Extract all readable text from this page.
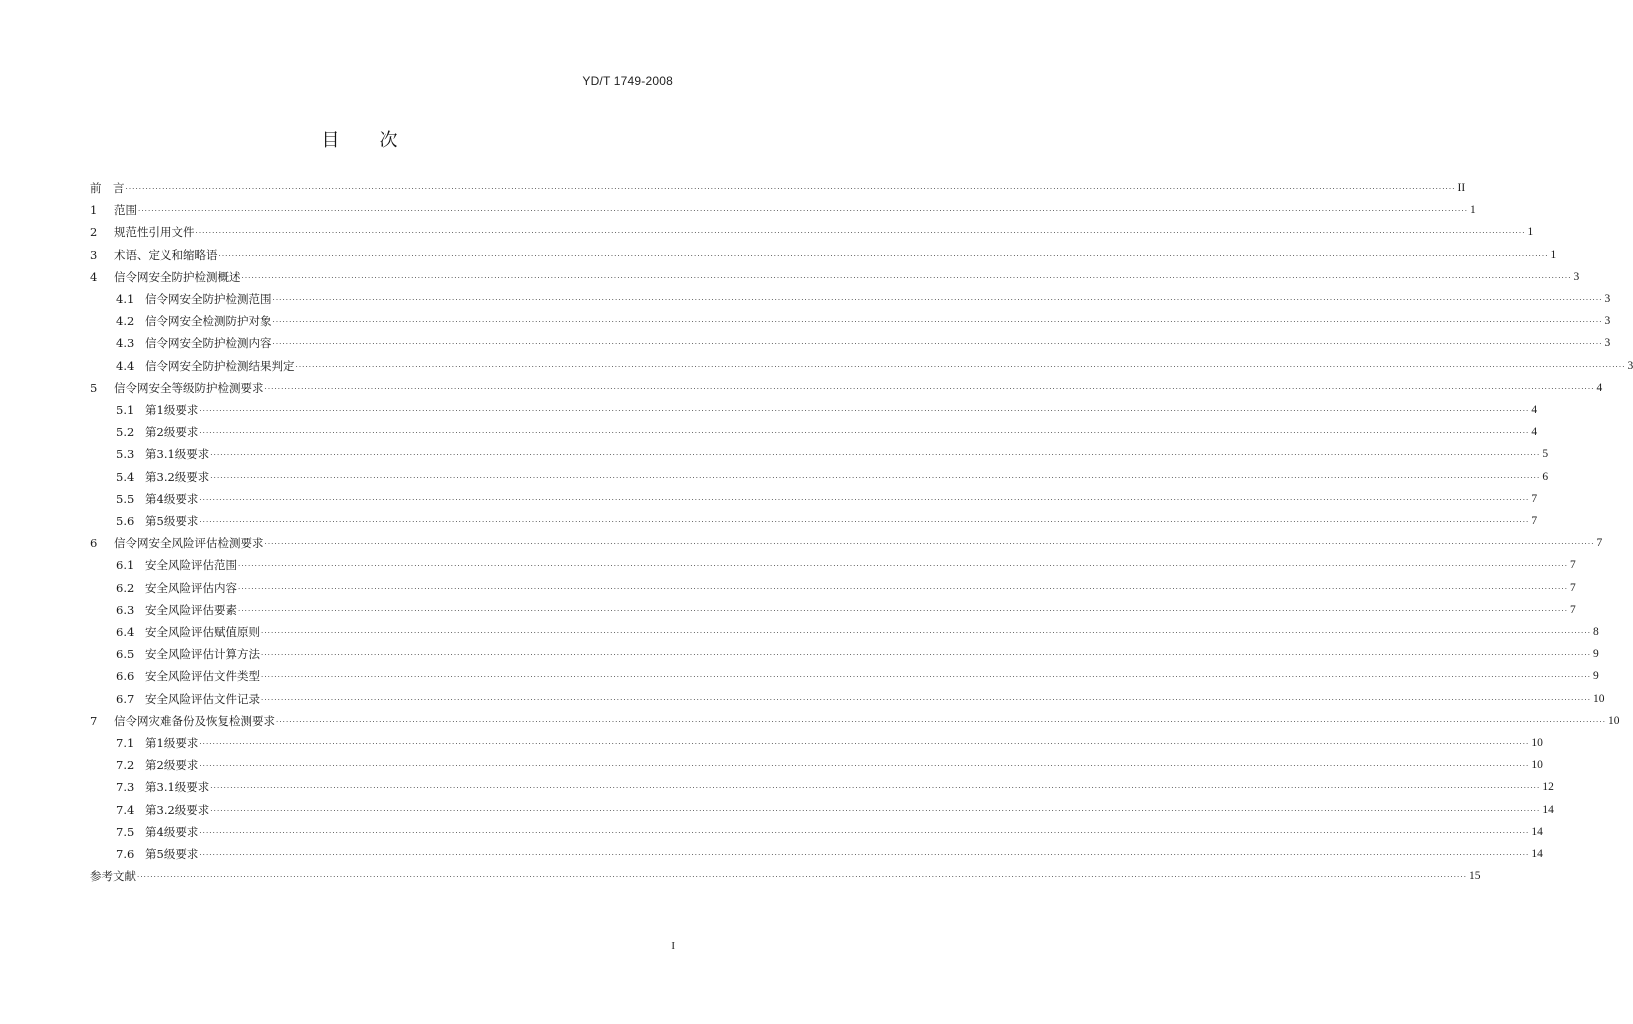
YD/T 1749-2008
目次
前　言 ················································································································································································································································································································································································································ II
1	范围 ················································································································································································································································································································································································································ 1
2	规范性引用文件 ················································································································································································································································································································································································································ 1
3	术语、定义和缩略语 ················································································································································································································································································································································································································ 1
4	信令网安全防护检测概述 ················································································································································································································································································································································································································ 3
4.1 信令网安全防护检测范围 ················································································································································································································································································································································································································ 3
4.2 信令网安全检测防护对象 ················································································································································································································································································································································································································ 3
4.3 信令网安全防护检测内容 ················································································································································································································································································································································································································ 3
4.4 信令网安全防护检测结果判定 ················································································································································································································································································································································································································ 3
5	信令网安全等级防护检测要求 ················································································································································································································································································································································································································ 4
5.1 第1级要求 ················································································································································································································································································································································································································ 4
5.2 第2级要求 ················································································································································································································································································································································································································ 4
5.3 第3.1级要求 ················································································································································································································································································································································································································ 5
5.4 第3.2级要求 ················································································································································································································································································································································································································ 6
5.5 第4级要求 ················································································································································································································································································································································································································ 7
5.6 第5级要求 ················································································································································································································································································································································································································ 7
6	信令网安全风险评估检测要求 ················································································································································································································································································································································································································ 7
6.1 安全风险评估范围 ················································································································································································································································································································································································································ 7
6.2 安全风险评估内容 ················································································································································································································································································································································································································ 7
6.3 安全风险评估要素 ················································································································································································································································································································································································································ 7
6.4 安全风险评估赋值原则 ················································································································································································································································································································································································································ 8
6.5 安全风险评估计算方法 ················································································································································································································································································································································································································ 9
6.6 安全风险评估文件类型 ················································································································································································································································································································································································································ 9
6.7 安全风险评估文件记录 ················································································································································································································································································································································································································ 10
7	信令网灾难备份及恢复检测要求 ················································································································································································································································································································································································································ 10
7.1 第1级要求 ················································································································································································································································································································································································································ 10
7.2 第2级要求 ················································································································································································································································································································································································································ 10
7.3 第3.1级要求 ················································································································································································································································································································································································································ 12
7.4 第3.2级要求 ················································································································································································································································································································································································································ 14
7.5 第4级要求 ················································································································································································································································································································································································································ 14
7.6 第5级要求 ················································································································································································································································································································································································································ 14
参考文献 ················································································································································································································································································································································································································ 15
I
